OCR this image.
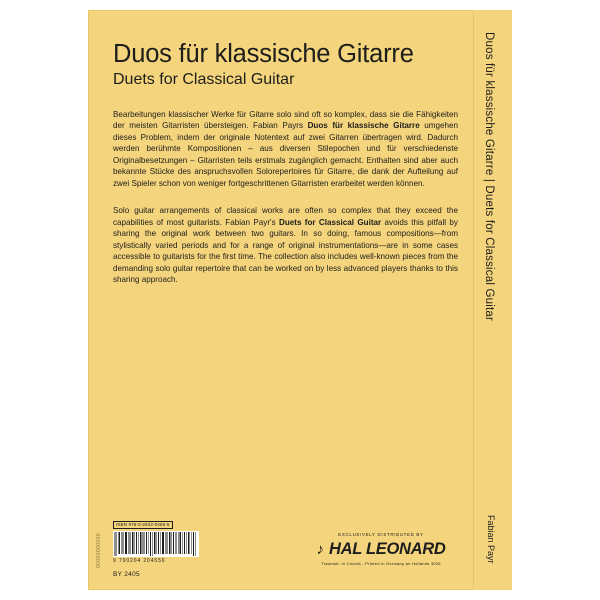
Duos für klassische Gitarre
Duets for Classical Guitar

Bearbeitungen klassischer Werke für Gitarre solo sind oft so komplex, dass sie die Fähigkeiten der meisten Gitarristen übersteigen. Fabian Payrs Duos für klassische Gitarre umgehen dieses Problem, indem der originale Notentext auf zwei Gitarren übertragen wird. Dadurch werden berühmte Kompositionen – aus diversen Stilepochen und für verschiedenste Originalbesetzungen – Gitarristen teils erstmals zugänglich gemacht. Enthalten sind aber auch bekannte Stücke des anspruchsvollen Solorepertoires für Gitarre, die dank der Aufteilung auf zwei Spieler schon von weniger fortgeschrittenen Gitarristen erarbeitet werden können.

Solo guitar arrangements of classical works are often so complex that they exceed the capabilities of most guitarists. Fabian Payr's Duets for Classical Guitar avoids this pitfall by sharing the original work between two guitars. In so doing, famous compositions—from stylistically varied periods and for a range of original instrumentations—are in some cases accessible to guitarists for the first time. The collection also includes well-known pieces from the demanding solo guitar repertoire that can be worked on by less advanced players thanks to this sharing approach.

ISBN 978-0-2942-0455-6
9 790204 204556
BY 2405
EXCLUSIVELY DISTRIBUTED BY
♪ HAL LEONARD
Traumstr. in Chords - Printed in Germany an Hollands 3026
00000000000
Duos für klassische Gitarre | Duets for Classical Guitar
Fabian Payr
